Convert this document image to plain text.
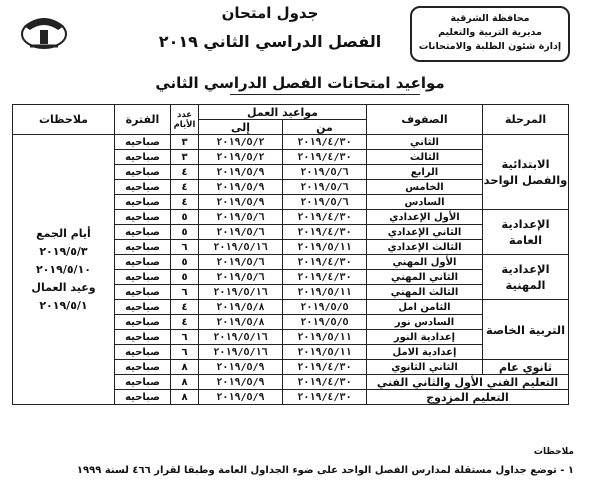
محافظة الشرقية
مديرية التربية والتعليم
إدارة شئون الطلبة والامتحانات
جدول امتحان
الفصل الدراسي الثاني ٢٠١٩
مواعيد امتحانات الفصل الدراسي الثاني
المرحلة	الصفوف	مواعيد العمل		عدد الأيام	الفترة	ملاحظات
		من	إلى			
الابتدائية والفصل الواحد	الثاني	٢٠١٩/٤/٣٠	٢٠١٩/٥/٢	٣	صباحيه	أيام الجمع
٢٠١٩/٥/٣
٢٠١٩/٥/١٠
وعيد العمال
٢٠١٩/٥/١

	الثالث	٢٠١٩/٤/٣٠	٢٠١٩/٥/٢	٣	صباحيه	
	الرابع	٢٠١٩/٥/٦	٢٠١٩/٥/٩	٤	صباحيه	
	الخامس	٢٠١٩/٥/٦	٢٠١٩/٥/٩	٤	صباحيه	
	السادس	٢٠١٩/٥/٦	٢٠١٩/٥/٩	٤	صباحيه	
الإعدادية العامة	الأول الإعدادي	٢٠١٩/٤/٣٠	٢٠١٩/٥/٦	٥	صباحيه	
	الثاني الإعدادي	٢٠١٩/٤/٣٠	٢٠١٩/٥/٦	٥	صباحيه	
	الثالث الإعدادي	٢٠١٩/٥/١١	٢٠١٩/٥/١٦	٦	صباحيه	
الإعدادية المهنية	الأول المهني	٢٠١٩/٤/٣٠	٢٠١٩/٥/٦	٥	صباحيه	
	الثاني المهني	٢٠١٩/٤/٣٠	٢٠١٩/٥/٦	٥	صباحيه	
	الثالث المهني	٢٠١٩/٥/١١	٢٠١٩/٥/١٦	٦	صباحيه	
التربية الخاصة	الثامن امل	٢٠١٩/٥/٥	٢٠١٩/٥/٨	٤	صباحيه	
	السادس نور	٢٠١٩/٥/٥	٢٠١٩/٥/٨	٤	صباحيه	
	إعدادية النور	٢٠١٩/٥/١١	٢٠١٩/٥/١٦	٦	صباحيه	
	إعدادية الامل	٢٠١٩/٥/١١	٢٠١٩/٥/١٦	٦	صباحيه	
ثانوي عام	الثاني الثانوي	٢٠١٩/٤/٣٠	٢٠١٩/٥/٩	٨	صباحيه	
التعليم الفني الأول والثاني الفني		٢٠١٩/٤/٣٠	٢٠١٩/٥/٩	٨	صباحيه	
التعليم المزدوج		٢٠١٩/٤/٣٠	٢٠١٩/٥/٩	٨	صباحيه	
ملاحظات
١ - توضع جداول مستقلة لمدارس الفصل الواحد على ضوء الجداول العامة وطبقا لقرار ٤٦٦ لسنة ١٩٩٩
